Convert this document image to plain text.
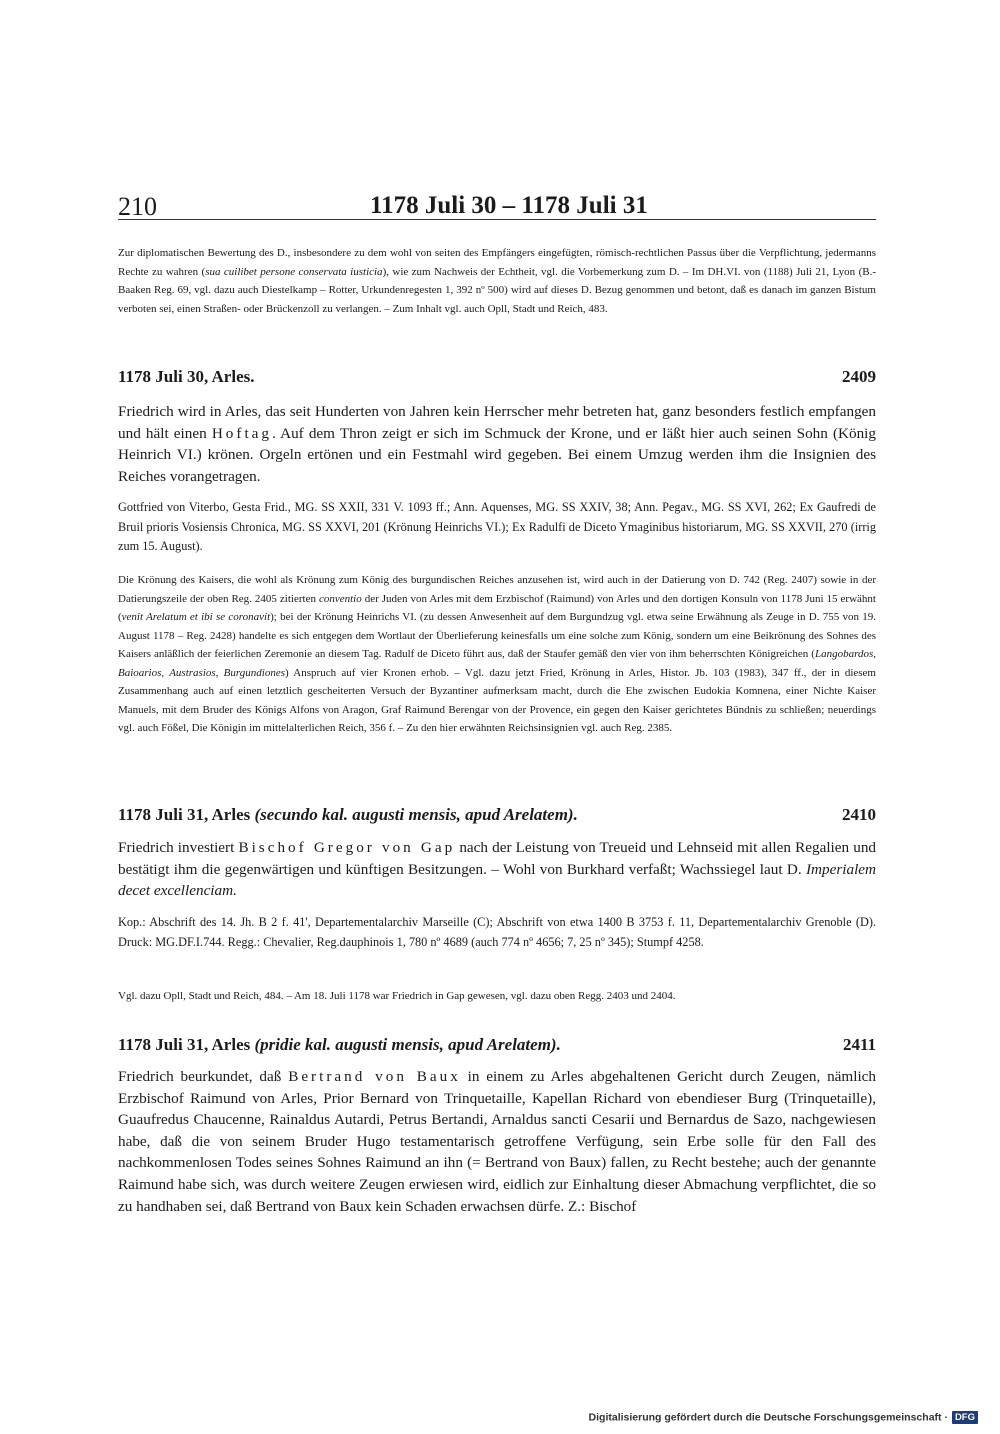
210	1178 Juli 30 – 1178 Juli 31
Zur diplomatischen Bewertung des D., insbesondere zu dem wohl von seiten des Empfängers eingefügten, römisch-rechtlichen Passus über die Verpflichtung, jedermanns Rechte zu wahren (sua cuilibet persone conservata iusticia), wie zum Nachweis der Echtheit, vgl. die Vorbemerkung zum D. – Im DH.VI. von (1188) Juli 21, Lyon (B.-Baaken Reg. 69, vgl. dazu auch Diestelkamp – Rotter, Urkundenregesten 1, 392 nº 500) wird auf dieses D. Bezug genommen und betont, daß es danach im ganzen Bistum verboten sei, einen Straßen- oder Brückenzoll zu verlangen. – Zum Inhalt vgl. auch Opll, Stadt und Reich, 483.
1178 Juli 30, Arles.	2409
Friedrich wird in Arles, das seit Hunderten von Jahren kein Herrscher mehr betreten hat, ganz besonders festlich empfangen und hält einen Hoftag. Auf dem Thron zeigt er sich im Schmuck der Krone, und er läßt hier auch seinen Sohn (König Heinrich VI.) krönen. Orgeln ertönen und ein Festmahl wird gegeben. Bei einem Umzug werden ihm die Insignien des Reiches vorangetragen.
Gottfried von Viterbo, Gesta Frid., MG. SS XXII, 331 V. 1093 ff.; Ann. Aquenses, MG. SS XXIV, 38; Ann. Pegav., MG. SS XVI, 262; Ex Gaufredi de Bruil prioris Vosiensis Chronica, MG. SS XXVI, 201 (Krönung Heinrichs VI.); Ex Radulfi de Diceto Ymaginibus historiarum, MG. SS XXVII, 270 (irrig zum 15. August).
Die Krönung des Kaisers, die wohl als Krönung zum König des burgundischen Reiches anzusehen ist, wird auch in der Datierung von D. 742 (Reg. 2407) sowie in der Datierungszeile der oben Reg. 2405 zitierten conventio der Juden von Arles mit dem Erzbischof (Raimund) von Arles und den dortigen Konsuln von 1178 Juni 15 erwähnt (venit Arelatum et ibi se coronavit); bei der Krönung Heinrichs VI. (zu dessen Anwesenheit auf dem Burgundzug vgl. etwa seine Erwähnung als Zeuge in D. 755 von 19. August 1178 – Reg. 2428) handelte es sich entgegen dem Wortlaut der Überlieferung keinesfalls um eine solche zum König, sondern um eine Beikrönung des Sohnes des Kaisers anläßlich der feierlichen Zeremonie an diesem Tag. Radulf de Diceto führt aus, daß der Staufer gemäß den vier von ihm beherrschten Königreichen (Langobardos, Baioarios, Austrasios, Burgundiones) Anspruch auf vier Kronen erhob. – Vgl. dazu jetzt Fried, Krönung in Arles, Histor. Jb. 103 (1983), 347 ff., der in diesem Zusammenhang auch auf einen letztlich gescheiterten Versuch der Byzantiner aufmerksam macht, durch die Ehe zwischen Eudokia Komnena, einer Nichte Kaiser Manuels, mit dem Bruder des Königs Alfons von Aragon, Graf Raimund Berengar von der Provence, ein gegen den Kaiser gerichtetes Bündnis zu schließen; neuerdings vgl. auch Fößel, Die Königin im mittelalterlichen Reich, 356 f. – Zu den hier erwähnten Reichsinsignien vgl. auch Reg. 2385.
1178 Juli 31, Arles (secundo kal. augusti mensis, apud Arelatem).	2410
Friedrich investiert Bischof Gregor von Gap nach der Leistung von Treueid und Lehnseid mit allen Regalien und bestätigt ihm die gegenwärtigen und künftigen Besitzungen. – Wohl von Burkhard verfaßt; Wachssiegel laut D. Imperialem decet excellenciam.
Kop.: Abschrift des 14. Jh. B 2 f. 41', Departementalarchiv Marseille (C); Abschrift von etwa 1400 B 3753 f. 11, Departementalarchiv Grenoble (D). Druck: MG.DF.I.744. Regg.: Chevalier, Reg.dauphinois 1, 780 nº 4689 (auch 774 nº 4656; 7, 25 nº 345); Stumpf 4258.
Vgl. dazu Opll, Stadt und Reich, 484. – Am 18. Juli 1178 war Friedrich in Gap gewesen, vgl. dazu oben Regg. 2403 und 2404.
1178 Juli 31, Arles (pridie kal. augusti mensis, apud Arelatem).	2411
Friedrich beurkundet, daß Bertrand von Baux in einem zu Arles abgehaltenen Gericht durch Zeugen, nämlich Erzbischof Raimund von Arles, Prior Bernard von Trinquetaille, Kapellan Richard von ebendieser Burg (Trinquetaille), Guaufredus Chaucenne, Rainaldus Autardi, Petrus Bertandi, Arnaldus sancti Cesarii und Bernardus de Sazo, nachgewiesen habe, daß die von seinem Bruder Hugo testamentarisch getroffene Verfügung, sein Erbe solle für den Fall des nachkommenlosen Todes seines Sohnes Raimund an ihn (= Bertrand von Baux) fallen, zu Recht bestehe; auch der genannte Raimund habe sich, was durch weitere Zeugen erwiesen wird, eidlich zur Einhaltung dieser Abmachung verpflichtet, die so zu handhaben sei, daß Bertrand von Baux kein Schaden erwachsen dürfe. Z.: Bischof
Digitalisierung gefördert durch die Deutsche Forschungsgemeinschaft · DFG
